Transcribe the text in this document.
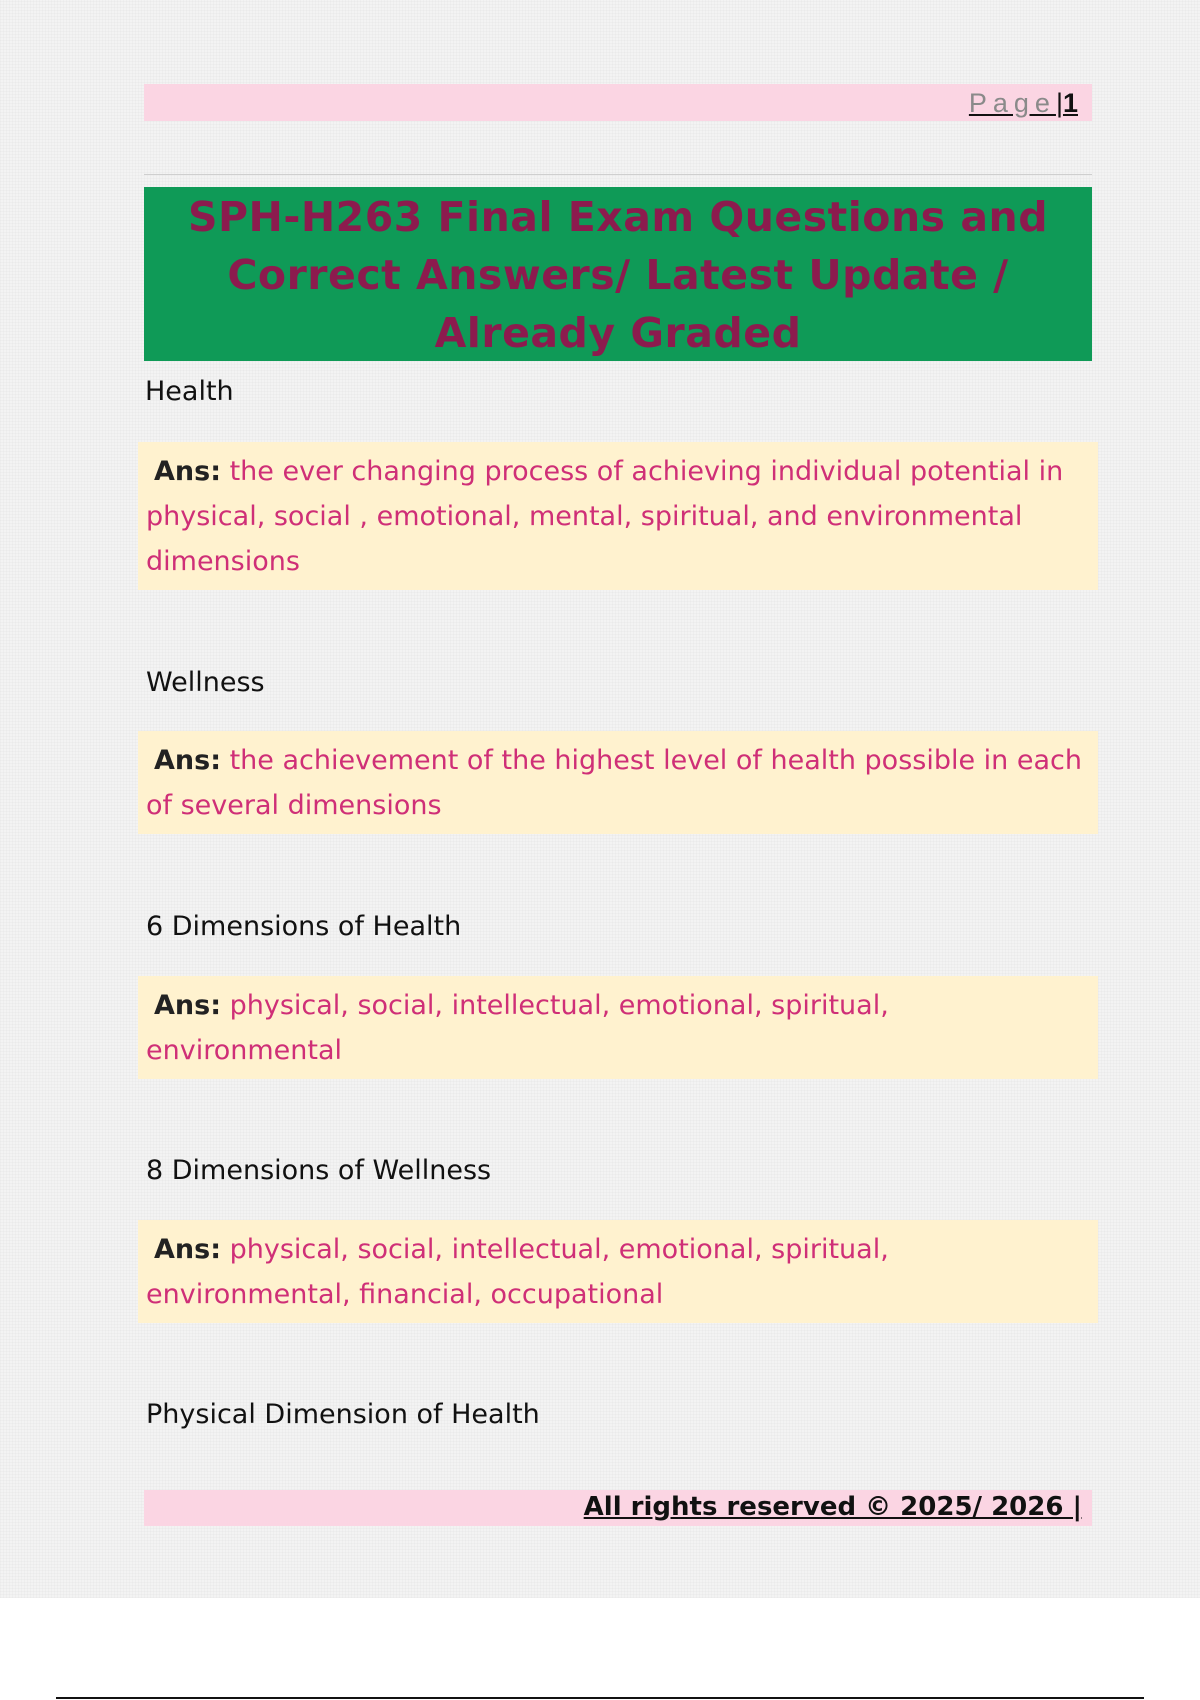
Page|1
SPH-H263 Final Exam Questions and Correct Answers/ Latest Update / Already Graded
Health
Ans: the ever changing process of achieving individual potential in physical, social , emotional, mental, spiritual, and environmental dimensions
Wellness
Ans: the achievement of the highest level of health possible in each of several dimensions
6 Dimensions of Health
Ans: physical, social, intellectual, emotional, spiritual, environmental
8 Dimensions of Wellness
Ans: physical, social, intellectual, emotional, spiritual, environmental, financial, occupational
Physical Dimension of Health
All rights reserved © 2025/ 2026 |
